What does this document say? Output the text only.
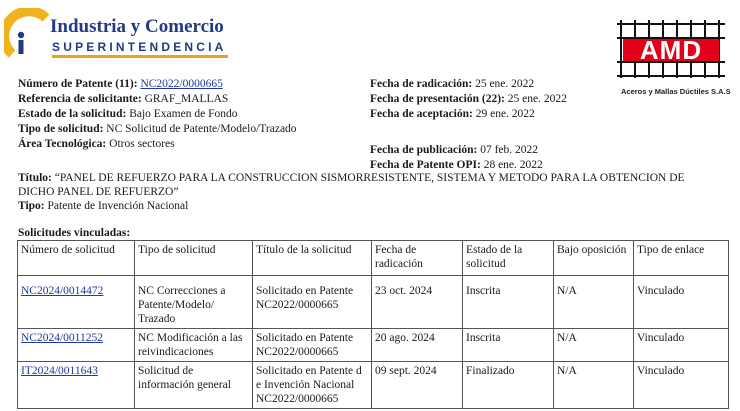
Industria y Comercio
SUPERINTENDENCIA	AMD
Aceros y Mallas Dúctiles S.A.S
Número de Patente (11): NC2022/0000665
Referencia de solicitante: GRAF_MALLAS
Estado de la solicitud: Bajo Examen de Fondo
Tipo de solicitud: NC Solicitud de Patente/Modelo/Trazado
Área Tecnológica: Otros sectores
Fecha de radicación: 25 ene. 2022
Fecha de presentación (22): 25 ene. 2022
Fecha de aceptación: 29 ene. 2022
Fecha de publicación: 07 feb. 2022
Fecha de Patente OPI: 28 ene. 2022
Título: “PANEL DE REFUERZO PARA LA CONSTRUCCION SISMORRESISTENTE, SISTEMA Y METODO PARA LA OBTENCION DE DICHO PANEL DE REFUERZO”
Tipo: Patente de Invención Nacional
Solicitudes vinculadas:
Número de solicitud	Tipo de solicitud	Título de la solicitud	Fecha de radicación	Estado de la solicitud	Bajo oposición	Tipo de enlace
NC2024/0014472	NC Correcciones a Patente/Modelo/ Trazado	Solicitado en Patente NC2022/0000665	23 oct. 2024	Inscrita	N/A	Vinculado
NC2024/0011252	NC Modificación a las reivindicaciones	Solicitado en Patente NC2022/0000665	20 ago. 2024	Inscrita	N/A	Vinculado
IT2024/0011643	Solicitud de información general	Solicitado en Patente d e Invención Nacional NC2022/0000665	09 sept. 2024	Finalizado	N/A	Vinculado
